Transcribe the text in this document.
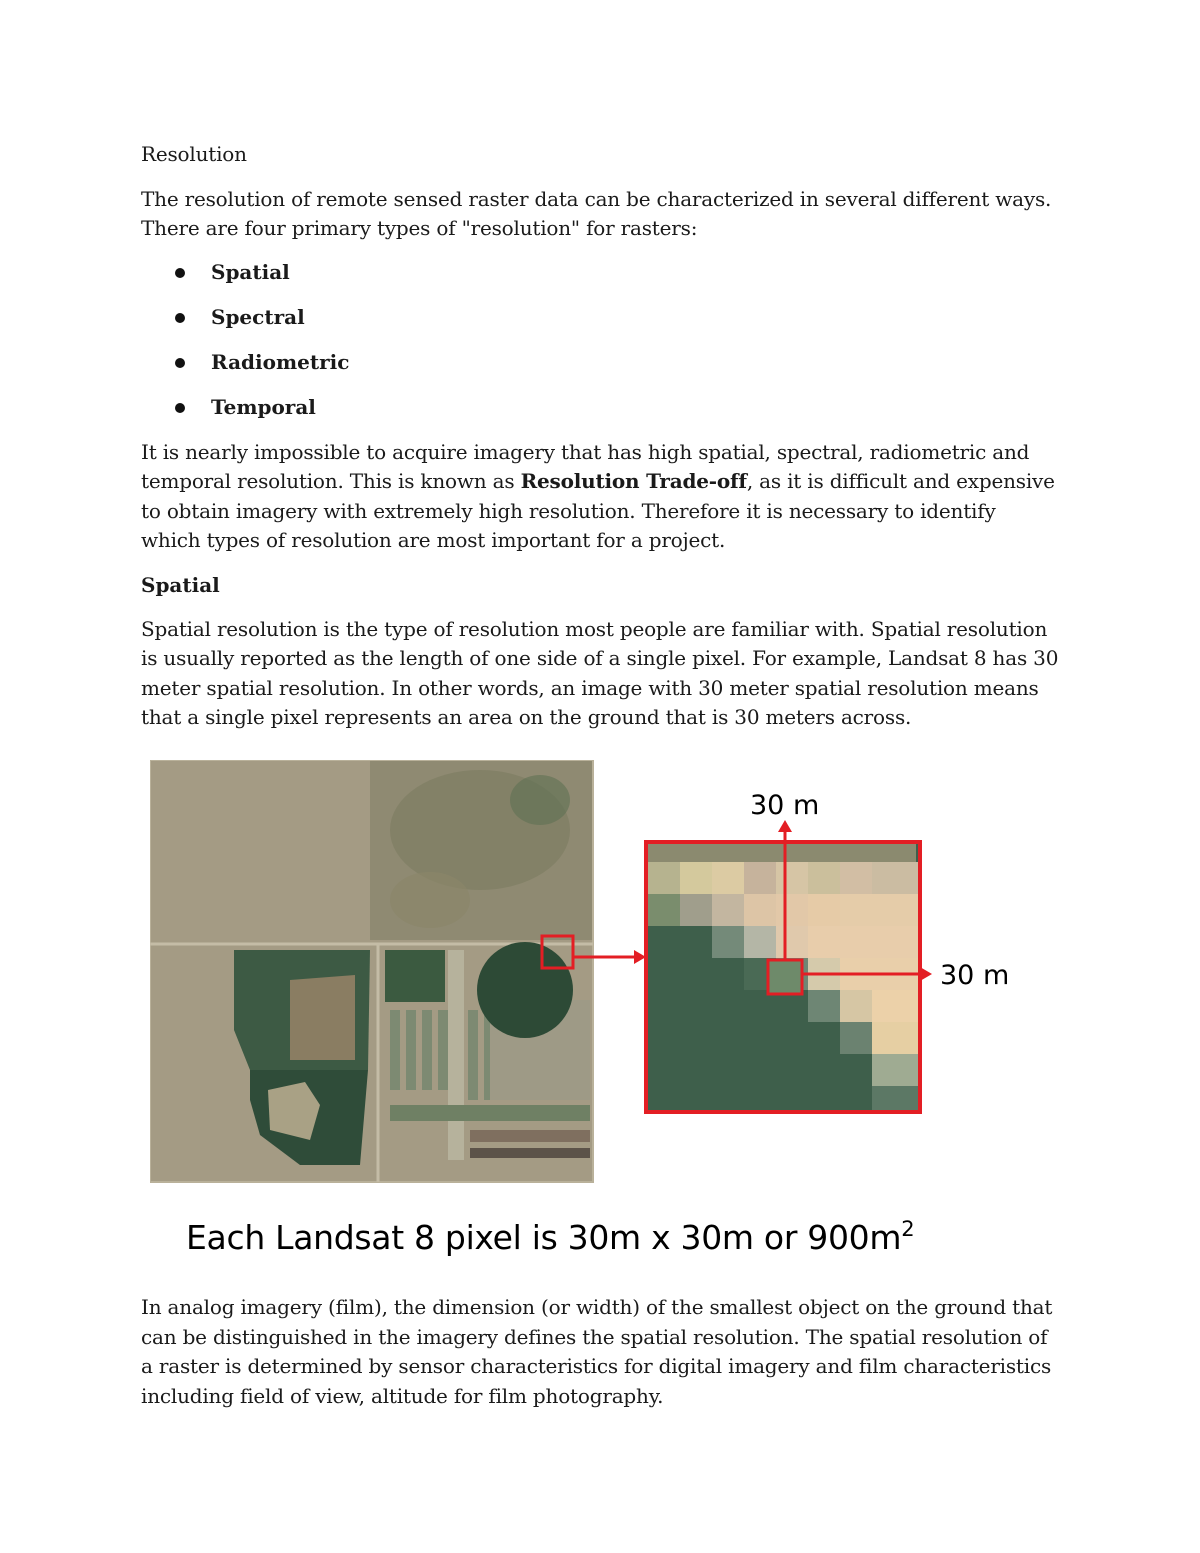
Resolution

The resolution of remote sensed raster data can be characterized in several different ways. There are four primary types of "resolution" for rasters:

Spatial
Spectral
Radiometric
Temporal

It is nearly impossible to acquire imagery that has high spatial, spectral, radiometric and temporal resolution. This is known as Resolution Trade-off, as it is difficult and expensive to obtain imagery with extremely high resolution. Therefore it is necessary to identify which types of resolution are most important for a project.

Spatial

Spatial resolution is the type of resolution most people are familiar with. Spatial resolution is usually reported as the length of one side of a single pixel. For example, Landsat 8 has 30 meter spatial resolution. In other words, an image with 30 meter spatial resolution means that a single pixel represents an area on the ground that is 30 meters across.

30 m
30 m
Each Landsat 8 pixel is 30m x 30m or $900m^2$

In analog imagery (film), the dimension (or width) of the smallest object on the ground that can be distinguished in the imagery defines the spatial resolution. The spatial resolution of a raster is determined by sensor characteristics for digital imagery and film characteristics including field of view, altitude for film photography.
